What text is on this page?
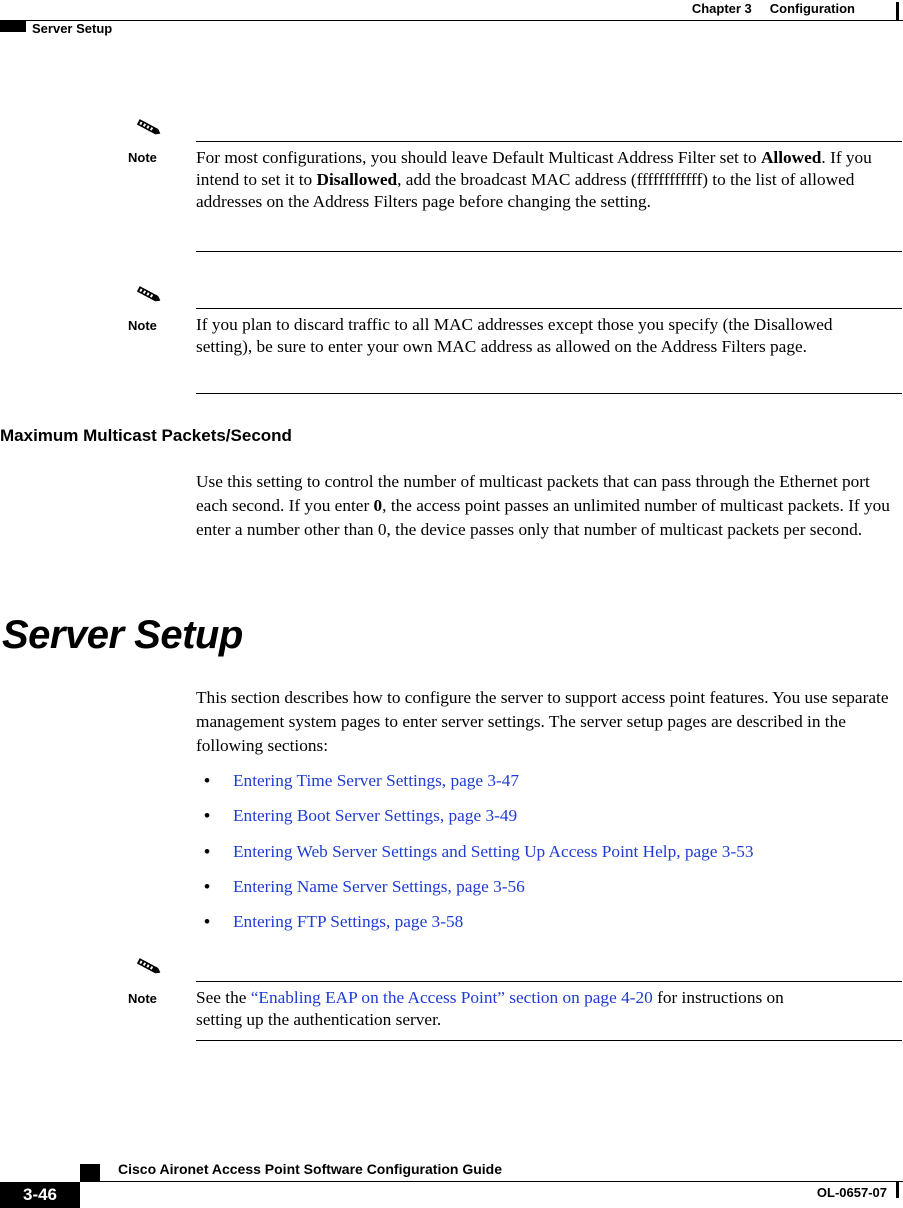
Chapter 3 Configuration
Server Setup
Note For most configurations, you should leave Default Multicast Address Filter set to Allowed. If you intend to set it to Disallowed, add the broadcast MAC address (ffffffffffff) to the list of allowed addresses on the Address Filters page before changing the setting.

Note If you plan to discard traffic to all MAC addresses except those you specify (the Disallowed setting), be sure to enter your own MAC address as allowed on the Address Filters page.

Maximum Multicast Packets/Second

Use this setting to control the number of multicast packets that can pass through the Ethernet port each second. If you enter 0, the access point passes an unlimited number of multicast packets. If you enter a number other than 0, the device passes only that number of multicast packets per second.

Server Setup

This section describes how to configure the server to support access point features. You use separate management system pages to enter server settings. The server setup pages are described in the following sections:

• Entering Time Server Settings, page 3-47
• Entering Boot Server Settings, page 3-49
• Entering Web Server Settings and Setting Up Access Point Help, page 3-53
• Entering Name Server Settings, page 3-56
• Entering FTP Settings, page 3-58
Note See the “Enabling EAP on the Access Point” section on page 4-20 for instructions on setting up the authentication server.

Cisco Aironet Access Point Software Configuration Guide
3-46	OL-0657-07
